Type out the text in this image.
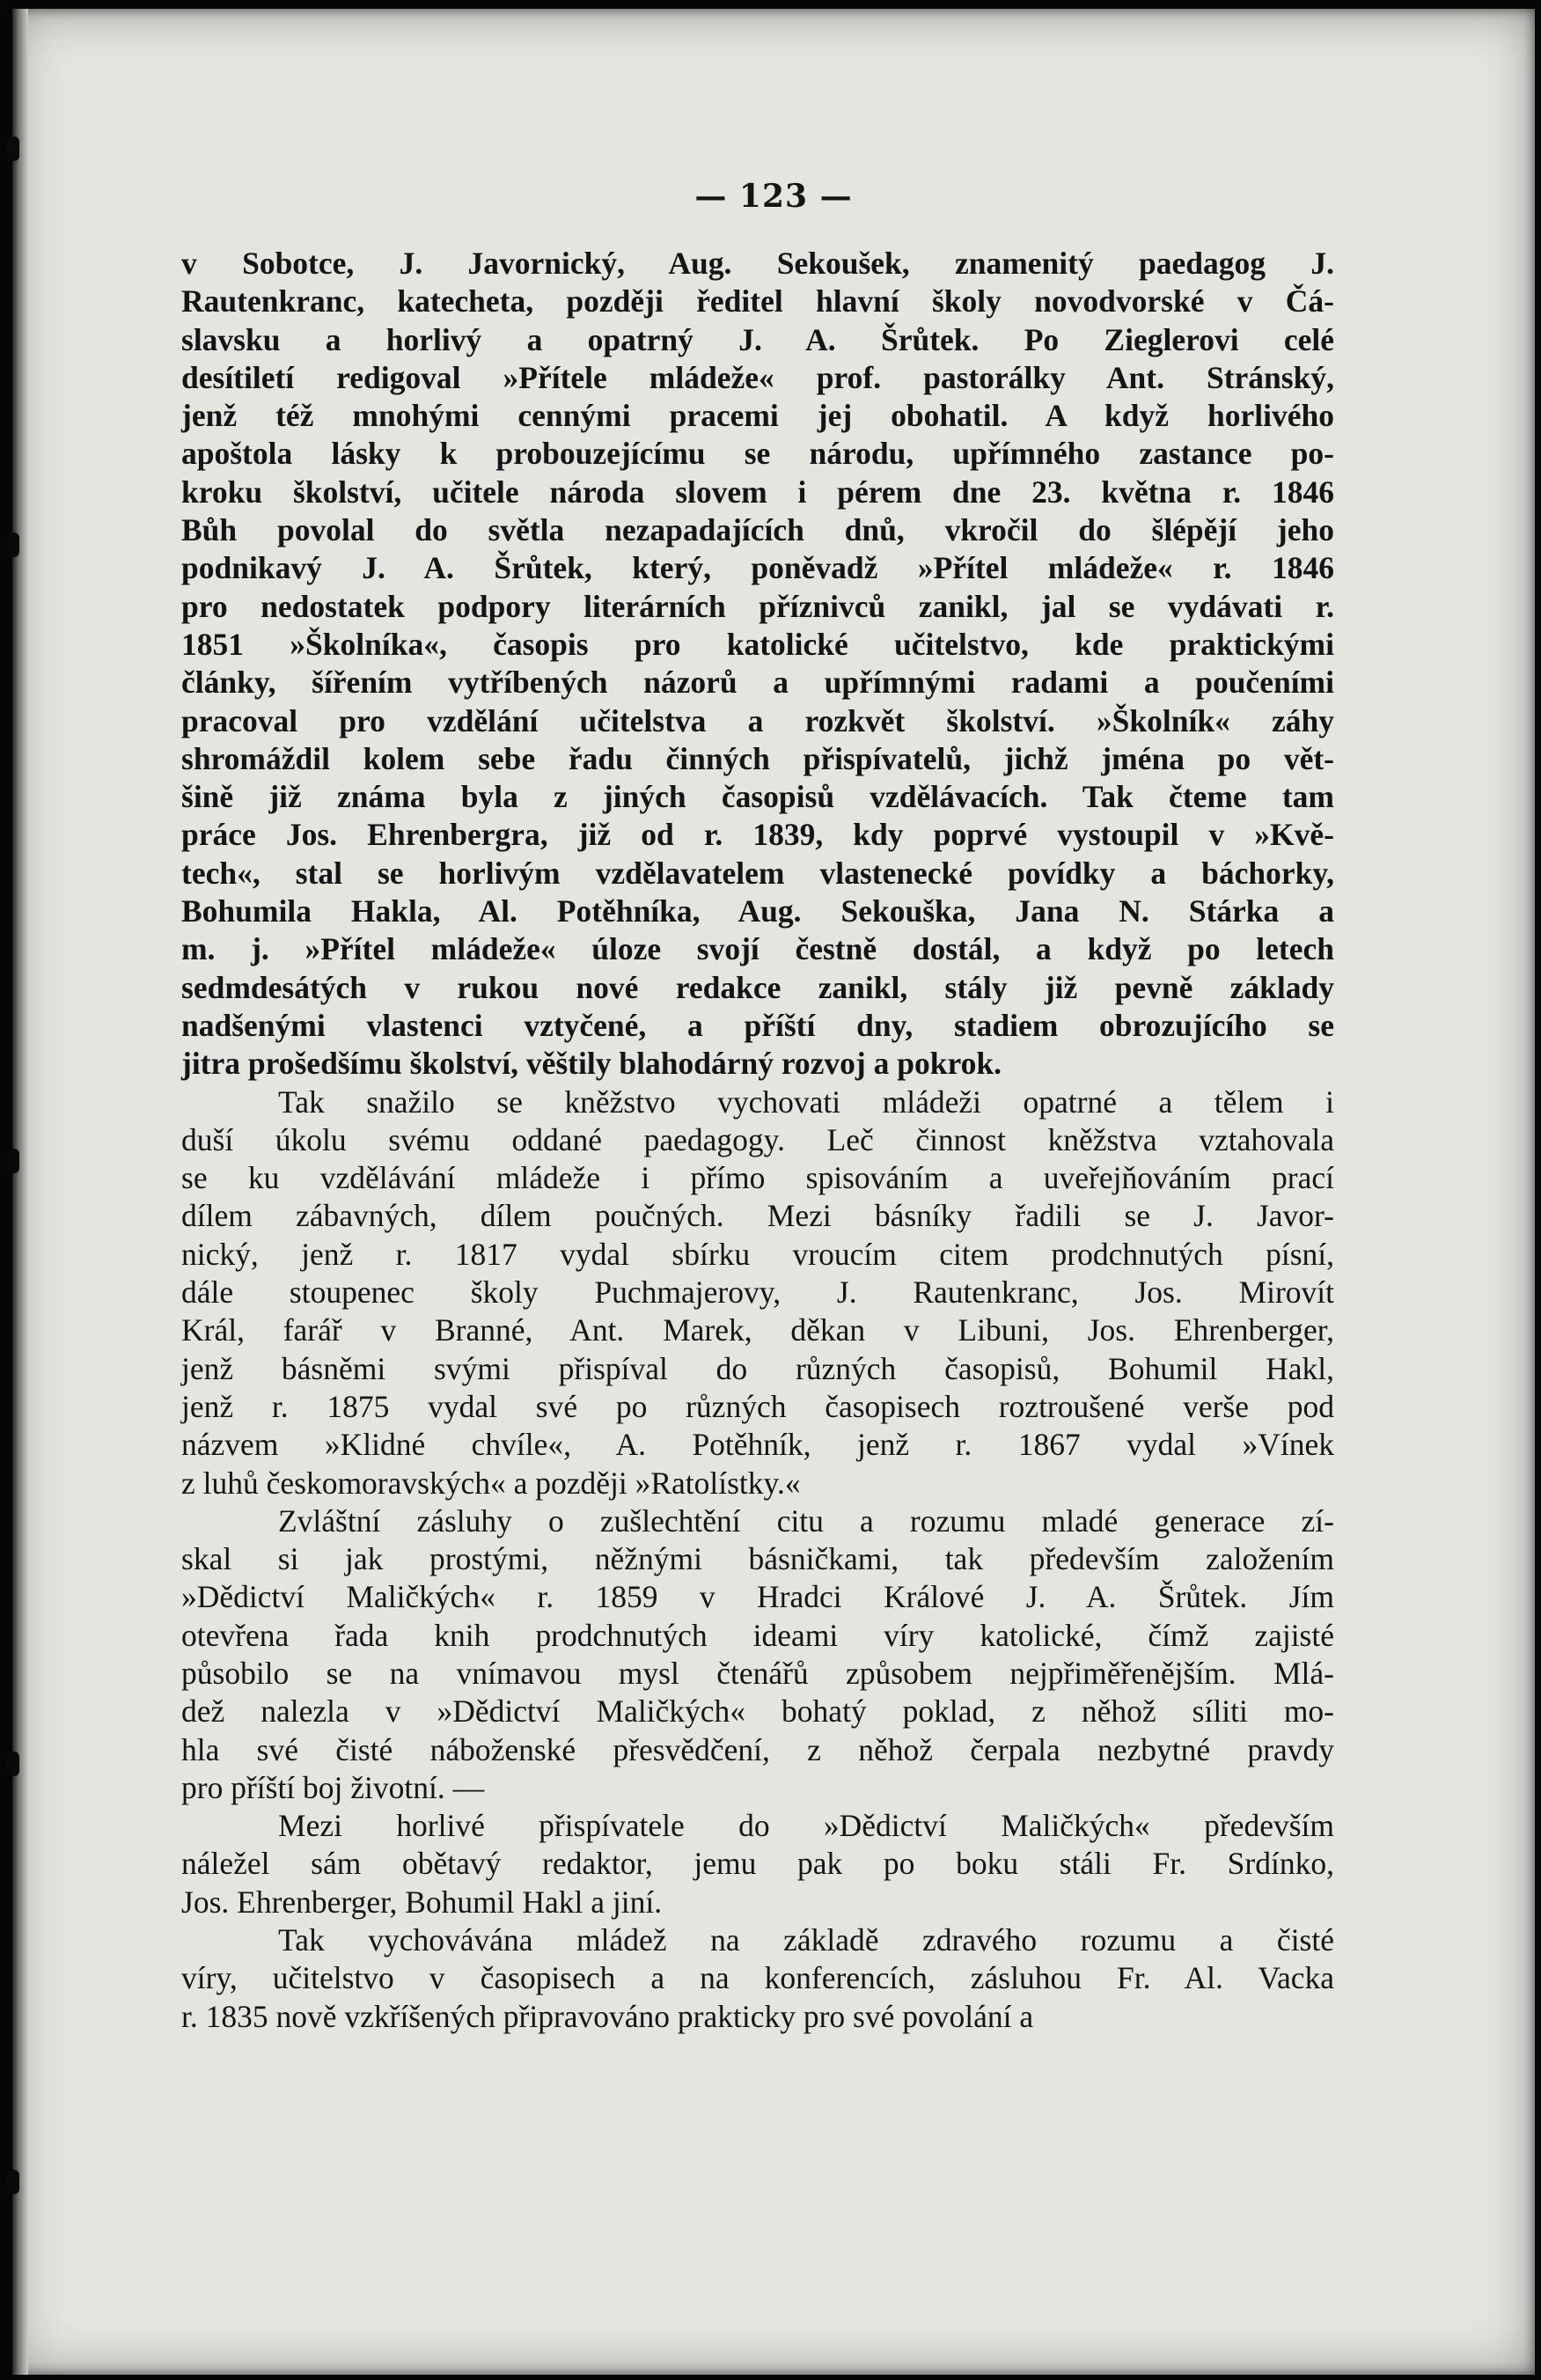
— 123 —

v Sobotce, J. Javornický, Aug. Sekoušek, znamenitý paedagog J.
Rautenkranc, katecheta, později ředitel hlavní školy novodvorské v Čá-
slavsku a horlivý a opatrný J. A. Šrůtek. Po Zieglerovi celé
desítiletí redigoval »Přítele mládeže« prof. pastorálky Ant. Stránský,
jenž též mnohými cennými pracemi jej obohatil. A když horlivého
apoštola lásky k probouzejícímu se národu, upřímného zastance po-
kroku školství, učitele národa slovem i pérem dne 23. května r. 1846
Bůh povolal do světla nezapadajících dnů, vkročil do šlépějí jeho
podnikavý J. A. Šrůtek, který, poněvadž »Přítel mládeže« r. 1846
pro nedostatek podpory literárních příznivců zanikl, jal se vydávati r.
1851 »Školníka«, časopis pro katolické učitelstvo, kde praktickými
články, šířením vytříbených názorů a upřímnými radami a poučeními
pracoval pro vzdělání učitelstva a rozkvět školství. »Školník« záhy
shromáždil kolem sebe řadu činných přispívatelů, jichž jména po vět-
šině již známa byla z jiných časopisů vzdělávacích. Tak čteme tam
práce Jos. Ehrenbergra, již od r. 1839, kdy poprvé vystoupil v »Kvě-
tech«, stal se horlivým vzdělavatelem vlastenecké povídky a báchorky,
Bohumila Hakla, Al. Potěhníka, Aug. Sekouška, Jana N. Stárka a
m. j. »Přítel mládeže« úloze svojí čestně dostál, a když po letech
sedmdesátých v rukou nové redakce zanikl, stály již pevně základy
nadšenými vlastenci vztyčené, a příští dny, stadiem obrozujícího se
jitra prošedšímu školství, věštily blahodárný rozvoj a pokrok.

Tak snažilo se kněžstvo vychovati mládeži opatrné a tělem i
duší úkolu svému oddané paedagogy. Leč činnost kněžstva vztahovala
se ku vzdělávání mládeže i přímo spisováním a uveřejňováním prací
dílem zábavných, dílem poučných. Mezi básníky řadili se J. Javor-
nický, jenž r. 1817 vydal sbírku vroucím citem prodchnutých písní,
dále stoupenec školy Puchmajerovy, J. Rautenkranc, Jos. Mirovít
Král, farář v Branné, Ant. Marek, děkan v Libuni, Jos. Ehrenberger,
jenž básněmi svými přispíval do různých časopisů, Bohumil Hakl,
jenž r. 1875 vydal své po různých časopisech roztroušené verše pod
názvem »Klidné chvíle«, A. Potěhník, jenž r. 1867 vydal »Vínek
z luhů českomoravských« a později »Ratolístky.«

Zvláštní zásluhy o zušlechtění citu a rozumu mladé generace zí-
skal si jak prostými, něžnými básničkami, tak především založením
»Dědictví Maličkých« r. 1859 v Hradci Králové J. A. Šrůtek. Jím
otevřena řada knih prodchnutých ideami víry katolické, čímž zajisté
působilo se na vnímavou mysl čtenářů způsobem nejpřiměřenějším. Mlá-
dež nalezla v »Dědictví Maličkých« bohatý poklad, z něhož síliti mo-
hla své čisté náboženské přesvědčení, z něhož čerpala nezbytné pravdy
pro příští boj životní. —

Mezi horlivé přispívatele do »Dědictví Maličkých« především
náležel sám obětavý redaktor, jemu pak po boku stáli Fr. Srdínko,
Jos. Ehrenberger, Bohumil Hakl a jiní.

Tak vychovávána mládež na základě zdravého rozumu a čisté
víry, učitelstvo v časopisech a na konferencích, zásluhou Fr. Al. Vacka
r. 1835 nově vzkříšených připravováno prakticky pro své povolání a
